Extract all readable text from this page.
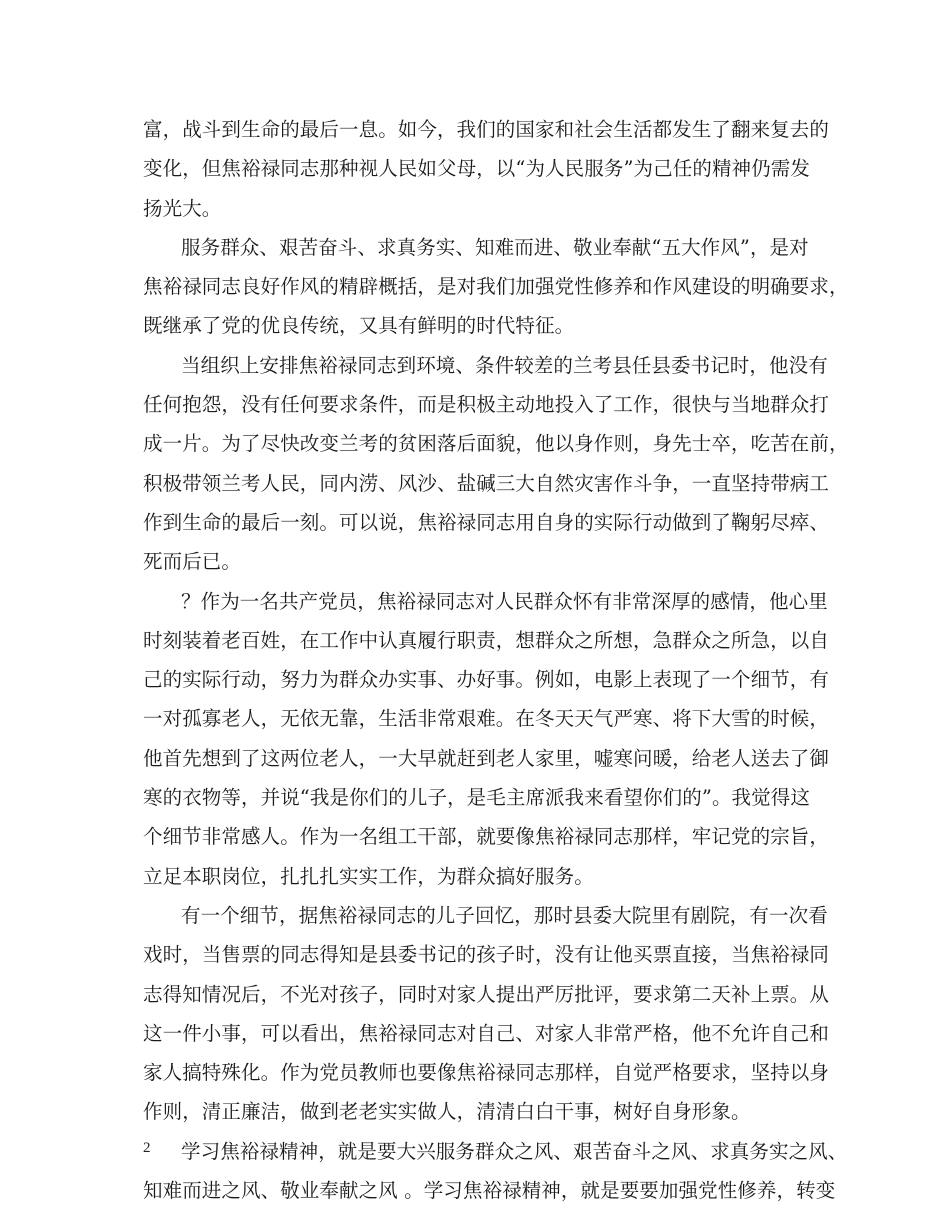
富，战斗到生命的最后一息。如今，我们的国家和社会生活都发生了翻来复去的
变化，但焦裕禄同志那种视人民如父母，以“为人民服务”为己任的精神仍需发
扬光大。
服务群众、艰苦奋斗、求真务实、知难而进、敬业奉献“五大作风”，是对
焦裕禄同志良好作风的精辟概括，是对我们加强党性修养和作风建设的明确要求，
既继承了党的优良传统，又具有鲜明的时代特征。
当组织上安排焦裕禄同志到环境、条件较差的兰考县任县委书记时，他没有
任何抱怨，没有任何要求条件，而是积极主动地投入了工作，很快与当地群众打
成一片。为了尽快改变兰考的贫困落后面貌，他以身作则，身先士卒，吃苦在前，
积极带领兰考人民，同内涝、风沙、盐碱三大自然灾害作斗争，一直坚持带病工
作到生命的最后一刻。可以说，焦裕禄同志用自身的实际行动做到了鞠躬尽瘁、
死而后已。
？作为一名共产党员，焦裕禄同志对人民群众怀有非常深厚的感情，他心里
时刻装着老百姓，在工作中认真履行职责，想群众之所想，急群众之所急，以自
己的实际行动，努力为群众办实事、办好事。例如，电影上表现了一个细节，有
一对孤寡老人，无依无靠，生活非常艰难。在冬天天气严寒、将下大雪的时候，
他首先想到了这两位老人，一大早就赶到老人家里，嘘寒问暖，给老人送去了御
寒的衣物等，并说“我是你们的儿子，是毛主席派我来看望你们的”。我觉得这
个细节非常感人。作为一名组工干部，就要像焦裕禄同志那样，牢记党的宗旨，
立足本职岗位，扎扎扎实实工作，为群众搞好服务。
有一个细节，据焦裕禄同志的儿子回忆，那时县委大院里有剧院，有一次看
戏时，当售票的同志得知是县委书记的孩子时，没有让他买票直接，当焦裕禄同
志得知情况后，不光对孩子，同时对家人提出严厉批评，要求第二天补上票。从
这一件小事，可以看出，焦裕禄同志对自己、对家人非常严格，他不允许自己和
家人搞特殊化。作为党员教师也要像焦裕禄同志那样，自觉严格要求，坚持以身
作则，清正廉洁，做到老老实实做人，清清白白干事，树好自身形象。
学习焦裕禄精神，就是要大兴服务群众之风、艰苦奋斗之风、求真务实之风、
知难而进之风、敬业奉献之风 。学习焦裕禄精神，就是要要加强党性修养，转变
2
